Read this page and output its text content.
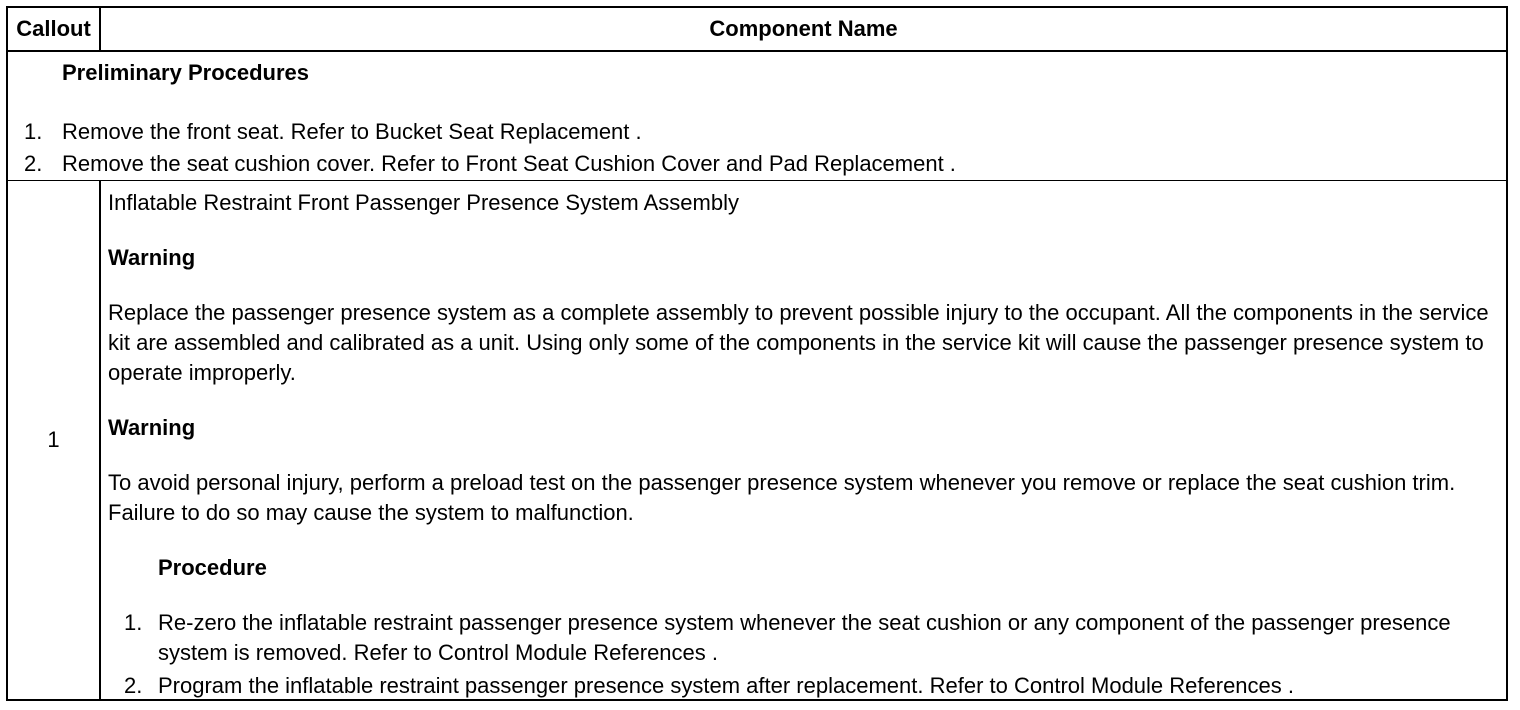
Callout	Component Name
Preliminary Procedures
1. Remove the front seat. Refer to Bucket Seat Replacement .
2. Remove the seat cushion cover. Refer to Front Seat Cushion Cover and Pad Replacement .
1

Inflatable Restraint Front Passenger Presence System Assembly

Warning

Replace the passenger presence system as a complete assembly to prevent possible injury to the occupant. All the components in the service kit are assembled and calibrated as a unit. Using only some of the components in the service kit will cause the passenger presence system to operate improperly.

Warning

To avoid personal injury, perform a preload test on the passenger presence system whenever you remove or replace the seat cushion trim. Failure to do so may cause the system to malfunction.

Procedure

1. Re-zero the inflatable restraint passenger presence system whenever the seat cushion or any component of the passenger presence system is removed. Refer to Control Module References .
2. Program the inflatable restraint passenger presence system after replacement. Refer to Control Module References .
